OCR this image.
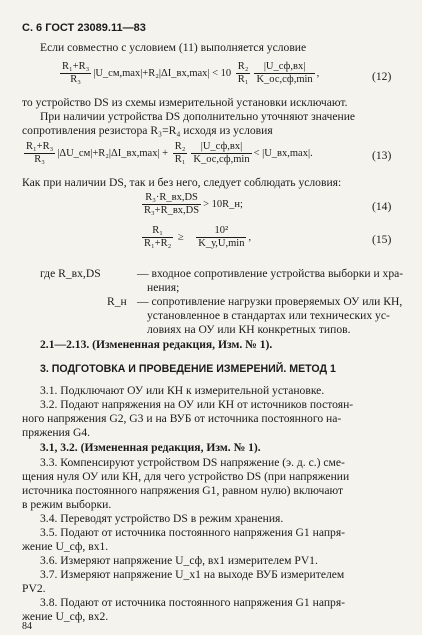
С. 6 ГОСТ 23089.11—83
Если совместно с условием (11) выполняется условие
$\frac{\text{R₁+R₃}}{\text{R₃}}$ |U_см,max|+R₂|ΔI_вх,max| < $10 \frac{\text{R₂}}{\text{R₁}} \frac{|U\_сф,вх|}{K\_ос,сф,\min}$ ,	(12)
то устройство DS из схемы измерительной установки исключают.
При наличии устройства DS дополнительно уточняют значение
сопротивления резистора R₃=R₄ исходя из условия
$\frac{\text{R₁+R₃}}{\text{R₃}}$ |ΔU_см|+R₂|ΔI_вх,max| + $\frac{\text{R₂}}{\text{R₁}} \frac{|U\_сф,вх|}{K\_ос,сф,\min}$ < |U_вх,max|.	(13)
Как при наличии DS, так и без него, следует соблюдать условия:
$\frac{\text{R₃·R\_вх,DS}}{\text{R₃+R\_вх,DS}}$ > 10R_н;	(14)
$\frac{\text{R₁}}{\text{R₁+R₂}} \ge \frac{\text{10²}}{K\_у,U,\min}$ ,	(15)
где R_вх,DS	— входное сопротивление устройства выборки и хра-
нения;
R_н — сопротивление нагрузки проверяемых ОУ или КН,
установленное в стандартах или технических ус-
ловиях на ОУ или КН конкретных типов.
2.1—2.13. (Измененная редакция, Изм. № 1).
3. ПОДГОТОВКА И ПРОВЕДЕНИЕ ИЗМЕРЕНИЙ. МЕТОД 1
3.1. Подключают ОУ или КН к измерительной установке.
3.2. Подают напряжения на ОУ или КН от источников постоян-
ного напряжения G2, G3 и на ВУБ от источника постоянного на-
пряжения G4.
3.1, 3.2. (Измененная редакция, Изм. № 1).
3.3. Компенсируют устройством DS напряжение (э. д. с.) сме-
щения нуля ОУ или КН, для чего устройство DS (при напряжении
источника постоянного напряжения G1, равном нулю) включают
в режим выборки.
3.4. Переводят устройство DS в режим хранения.
3.5. Подают от источника постоянного напряжения G1 напря-
жение U_сф, вх1.
3.6. Измеряют напряжение U_сф, вх1 измерителем PV1.
3.7. Измеряют напряжение U_x1 на выходе ВУБ измерителем
PV2.
3.8. Подают от источника постоянного напряжения G1 напря-
жение U_сф, вх2.
84
